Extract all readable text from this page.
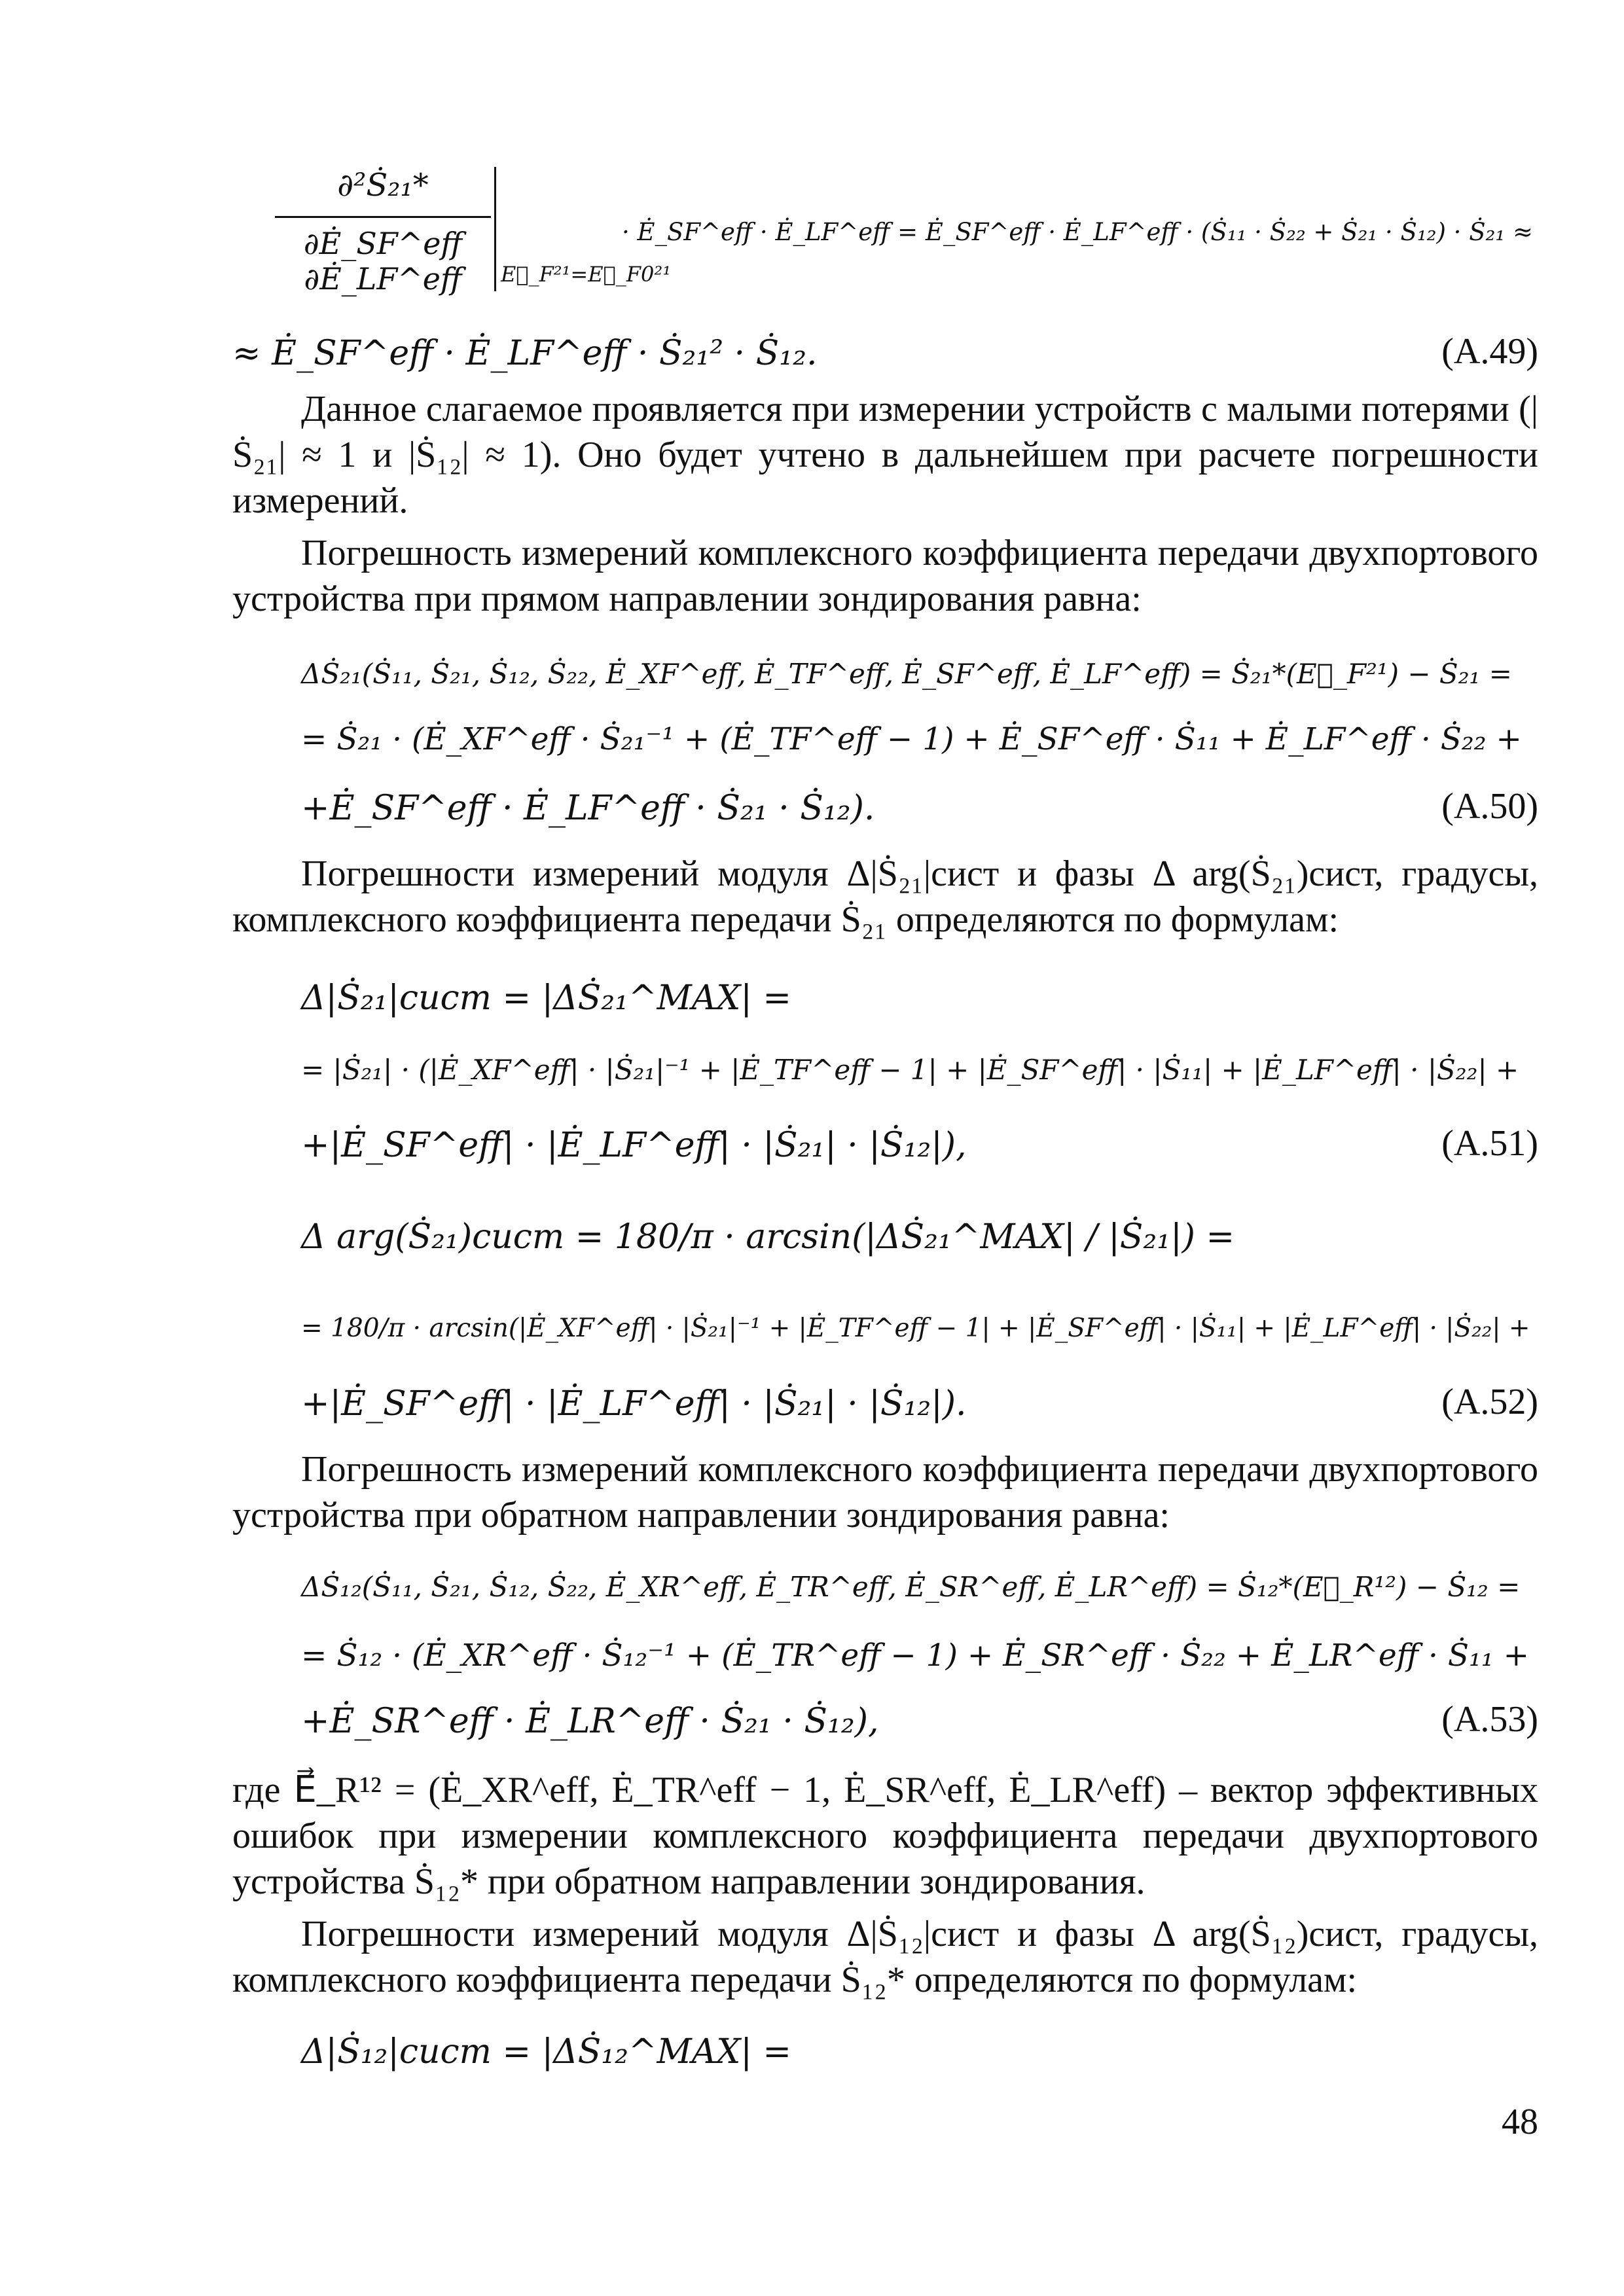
∂²Ṡ₂₁*
∂Ė_SF^eff ∂Ė_LF^eff	E⃗_F²¹=E⃗_F0²¹
· Ė_SF^eff · Ė_LF^eff = Ė_SF^eff · Ė_LF^eff · (Ṡ₁₁ · Ṡ₂₂ + Ṡ₂₁ · Ṡ₁₂) · Ṡ₂₁ ≈
≈ Ė_SF^eff · Ė_LF^eff · Ṡ₂₁² · Ṡ₁₂.	(A.49)
Данное слагаемое проявляется при измерении устройств с малыми потерями (|Ṡ₂₁| ≈ 1 и |Ṡ₁₂| ≈ 1). Оно будет учтено в дальнейшем при расчете погрешности измерений.
Погрешность измерений комплексного коэффициента передачи двухпортового устройства при прямом направлении зондирования равна:
ΔṠ₂₁(Ṡ₁₁, Ṡ₂₁, Ṡ₁₂, Ṡ₂₂, Ė_XF^eff, Ė_TF^eff, Ė_SF^eff, Ė_LF^eff) = Ṡ₂₁*(E⃗_F²¹) − Ṡ₂₁ =
= Ṡ₂₁ · (Ė_XF^eff · Ṡ₂₁⁻¹ + (Ė_TF^eff − 1) + Ė_SF^eff · Ṡ₁₁ + Ė_LF^eff · Ṡ₂₂ +
+Ė_SF^eff · Ė_LF^eff · Ṡ₂₁ · Ṡ₁₂).	(A.50)
Погрешности измерений модуля Δ|Ṡ₂₁|сист и фазы Δ arg(Ṡ₂₁)сист, градусы, комплексного коэффициента передачи Ṡ₂₁ определяются по формулам:
Δ|Ṡ₂₁|сист = |ΔṠ₂₁^MAX| =
= |Ṡ₂₁| · (|Ė_XF^eff| · |Ṡ₂₁|⁻¹ + |Ė_TF^eff − 1| + |Ė_SF^eff| · |Ṡ₁₁| + |Ė_LF^eff| · |Ṡ₂₂| +
+|Ė_SF^eff| · |Ė_LF^eff| · |Ṡ₂₁| · |Ṡ₁₂|),	(A.51)
Δ arg(Ṡ₂₁)сист = 180/π · arcsin(|ΔṠ₂₁^MAX| / |Ṡ₂₁|) =
= 180/π · arcsin(|Ė_XF^eff| · |Ṡ₂₁|⁻¹ + |Ė_TF^eff − 1| + |Ė_SF^eff| · |Ṡ₁₁| + |Ė_LF^eff| · |Ṡ₂₂| +
+|Ė_SF^eff| · |Ė_LF^eff| · |Ṡ₂₁| · |Ṡ₁₂|).	(A.52)
Погрешность измерений комплексного коэффициента передачи двухпортового устройства при обратном направлении зондирования равна:
ΔṠ₁₂(Ṡ₁₁, Ṡ₂₁, Ṡ₁₂, Ṡ₂₂, Ė_XR^eff, Ė_TR^eff, Ė_SR^eff, Ė_LR^eff) = Ṡ₁₂*(E⃗_R¹²) − Ṡ₁₂ =
= Ṡ₁₂ · (Ė_XR^eff · Ṡ₁₂⁻¹ + (Ė_TR^eff − 1) + Ė_SR^eff · Ṡ₂₂ + Ė_LR^eff · Ṡ₁₁ +
+Ė_SR^eff · Ė_LR^eff · Ṡ₂₁ · Ṡ₁₂),	(A.53)
где E⃗_R¹² = (Ė_XR^eff, Ė_TR^eff − 1, Ė_SR^eff, Ė_LR^eff) – вектор эффективных ошибок при измерении комплексного коэффициента передачи двухпортового устройства Ṡ₁₂* при обратном направлении зондирования.
Погрешности измерений модуля Δ|Ṡ₁₂|сист и фазы Δ arg(Ṡ₁₂)сист, градусы, комплексного коэффициента передачи Ṡ₁₂* определяются по формулам:
Δ|Ṡ₁₂|сист = |ΔṠ₁₂^MAX| =
48
